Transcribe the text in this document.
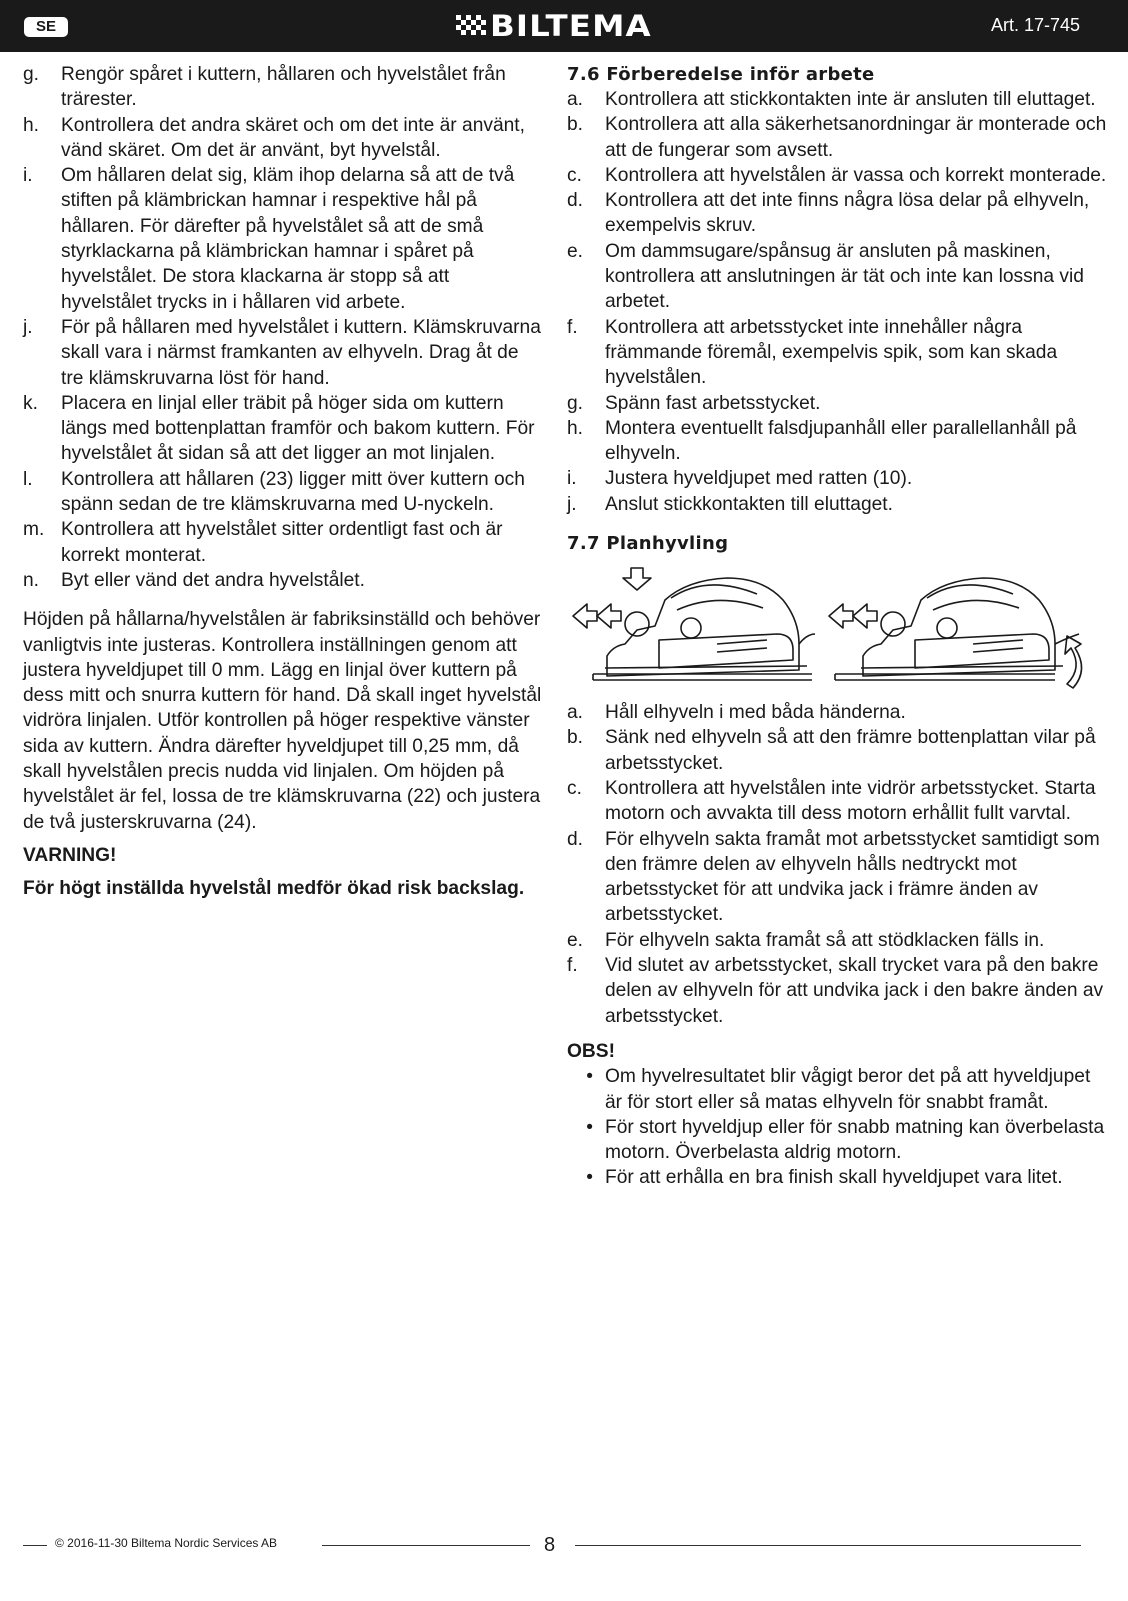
SE	BILTEMA	Art. 17-745
g.	Rengör spåret i kuttern, hållaren och hyvelstålet från trärester.
h.	Kontrollera det andra skäret och om det inte är använt, vänd skäret. Om det är använt, byt hyvelstål.
i.	Om hållaren delat sig, kläm ihop delarna så att de två stiften på klämbrickan hamnar i respektive hål på hållaren. För därefter på hyvelstålet så att de små styrklackarna på klämbrickan hamnar i spåret på hyvelstålet. De stora klackarna är stopp så att hyvelstålet trycks in i hållaren vid arbete.
j.	För på hållaren med hyvelstålet i kuttern. Klämskruvarna skall vara i närmst framkanten av elhyveln. Drag åt de tre klämskruvarna löst för hand.
k.	Placera en linjal eller träbit på höger sida om kuttern längs med bottenplattan framför och bakom kuttern. För hyvelstålet åt sidan så att det ligger an mot linjalen.
l.	Kontrollera att hållaren (23) ligger mitt över kuttern och spänn sedan de tre klämskruvarna med U-nyckeln.
m. Kontrollera att hyvelstålet sitter ordentligt fast och är korrekt monterat.
n.	Byt eller vänd det andra hyvelstålet.

Höjden på hållarna/hyvelstålen är fabriksinställd och behöver vanligtvis inte justeras. Kontrollera inställningen genom att justera hyveldjupet till 0 mm. Lägg en linjal över kuttern på dess mitt och snurra kuttern för hand. Då skall inget hyvelstål vidröra linjalen. Utför kontrollen på höger respektive vänster sida av kuttern. Ändra därefter hyveldjupet till 0,25 mm, då skall hyvelstålen precis nudda vid linjalen. Om höjden på hyvelstålet är fel, lossa de tre klämskruvarna (22) och justera de två justerskruvarna (24).

VARNING!
För högt inställda hyvelstål medför ökad risk backslag.
7.6 Förberedelse inför arbete
a.	Kontrollera att stickkontakten inte är ansluten till eluttaget.
b.	Kontrollera att alla säkerhetsanordningar är monterade och att de fungerar som avsett.
c.	Kontrollera att hyvelstålen är vassa och korrekt monterade.
d.	Kontrollera att det inte finns några lösa delar på elhyveln, exempelvis skruv.
e.	Om dammsugare/spånsug är ansluten på maskinen, kontrollera att anslutningen är tät och inte kan lossna vid arbetet.
f.	Kontrollera att arbetsstycket inte innehåller några främmande föremål, exempelvis spik, som kan skada hyvelstålen.
g.	Spänn fast arbetsstycket.
h.	Montera eventuellt falsdjupanhåll eller parallellanhåll på elhyveln.
i.	Justera hyveldjupet med ratten (10).
j.	Anslut stickkontakten till eluttaget.
7.7 Planhyvling
a.	Håll elhyveln i med båda händerna.
b.	Sänk ned elhyveln så att den främre bottenplattan vilar på arbetsstycket.
c.	Kontrollera att hyvelstålen inte vidrör arbetsstycket. Starta motorn och avvakta till dess motorn erhållit fullt varvtal.
d.	För elhyveln sakta framåt mot arbetsstycket samtidigt som den främre delen av elhyveln hålls nedtryckt mot arbetsstycket för att undvika jack i främre änden av arbetsstycket.
e.	För elhyveln sakta framåt så att stödklacken fälls in.
f.	Vid slutet av arbetsstycket, skall trycket vara på den bakre delen av elhyveln för att undvika jack i den bakre änden av arbetsstycket.
OBS!
• Om hyvelresultatet blir vågigt beror det på att hyveldjupet är för stort eller så matas elhyveln för snabbt framåt.
• För stort hyveldjup eller för snabb matning kan överbelasta motorn. Överbelasta aldrig motorn.
• För att erhålla en bra finish skall hyveldjupet vara litet.
© 2016-11-30 Biltema Nordic Services AB	8
